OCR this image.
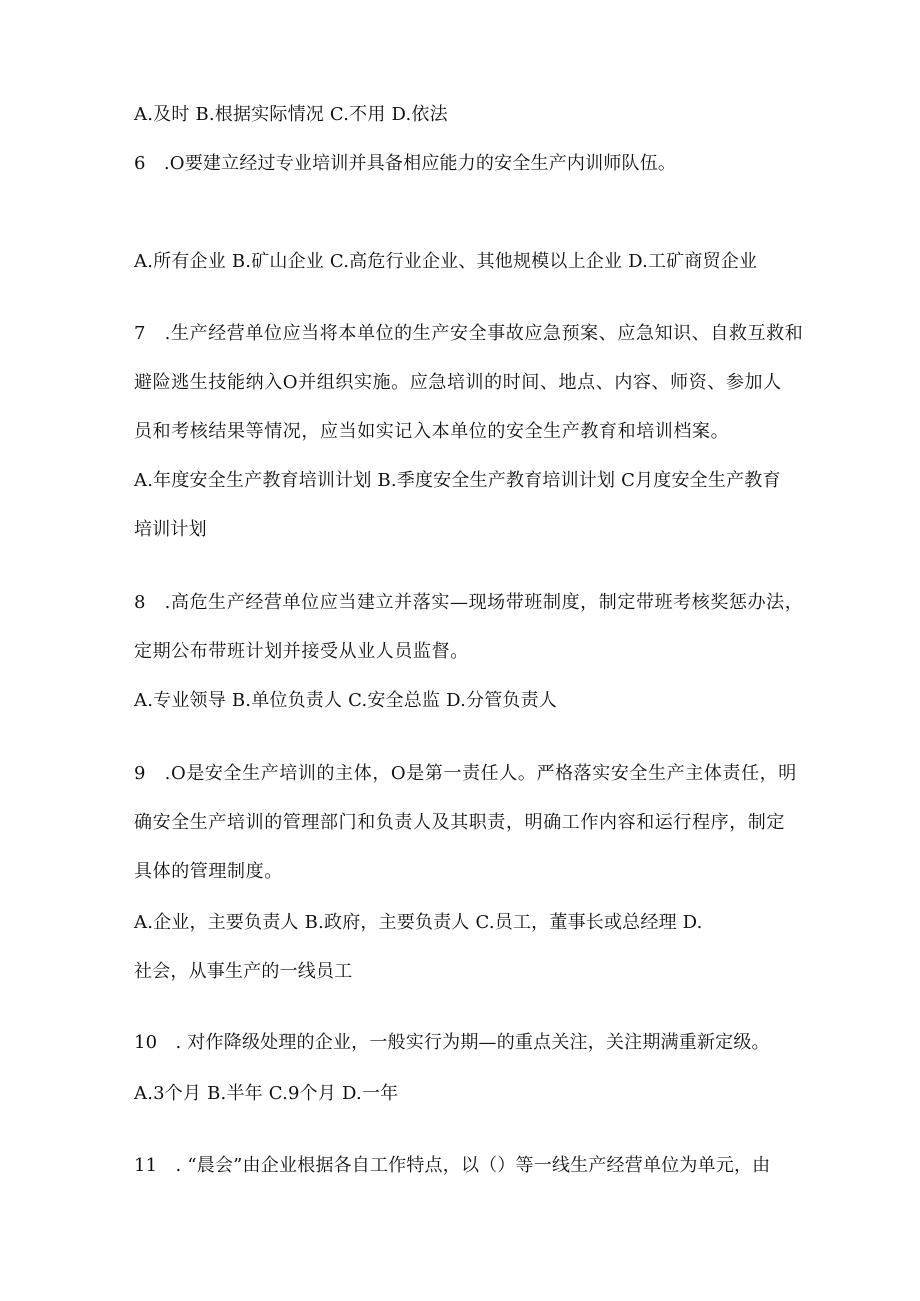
A.及时 B.根据实际情况 C.不用 D.依法
6　.O要建立经过专业培训并具备相应能力的安全生产内训师队伍。
A.所有企业 B.矿山企业 C.高危行业企业、其他规模以上企业 D.工矿商贸企业
7　.生产经营单位应当将本单位的生产安全事故应急预案、应急知识、自救互救和
避险逃生技能纳入O并组织实施。应急培训的时间、地点、内容、师资、参加人
员和考核结果等情况，应当如实记入本单位的安全生产教育和培训档案。
A.年度安全生产教育培训计划 B.季度安全生产教育培训计划 C月度安全生产教育
培训计划
8　.高危生产经营单位应当建立并落实—现场带班制度，制定带班考核奖惩办法，
定期公布带班计划并接受从业人员监督。
A.专业领导 B.单位负责人 C.安全总监 D.分管负责人
9　.O是安全生产培训的主体，O是第一责任人。严格落实安全生产主体责任，明
确安全生产培训的管理部门和负责人及其职责，明确工作内容和运行程序，制定
具体的管理制度。
A.企业，主要负责人 B.政府，主要负责人 C.员工，董事长或总经理 D.
社会，从事生产的一线员工
10　. 对作降级处理的企业，一般实行为期—的重点关注，关注期满重新定级。
A.3个月 B.半年 C.9个月 D.一年
11　. “晨会”由企业根据各自工作特点，以（）等一线生产经营单位为单元，由
